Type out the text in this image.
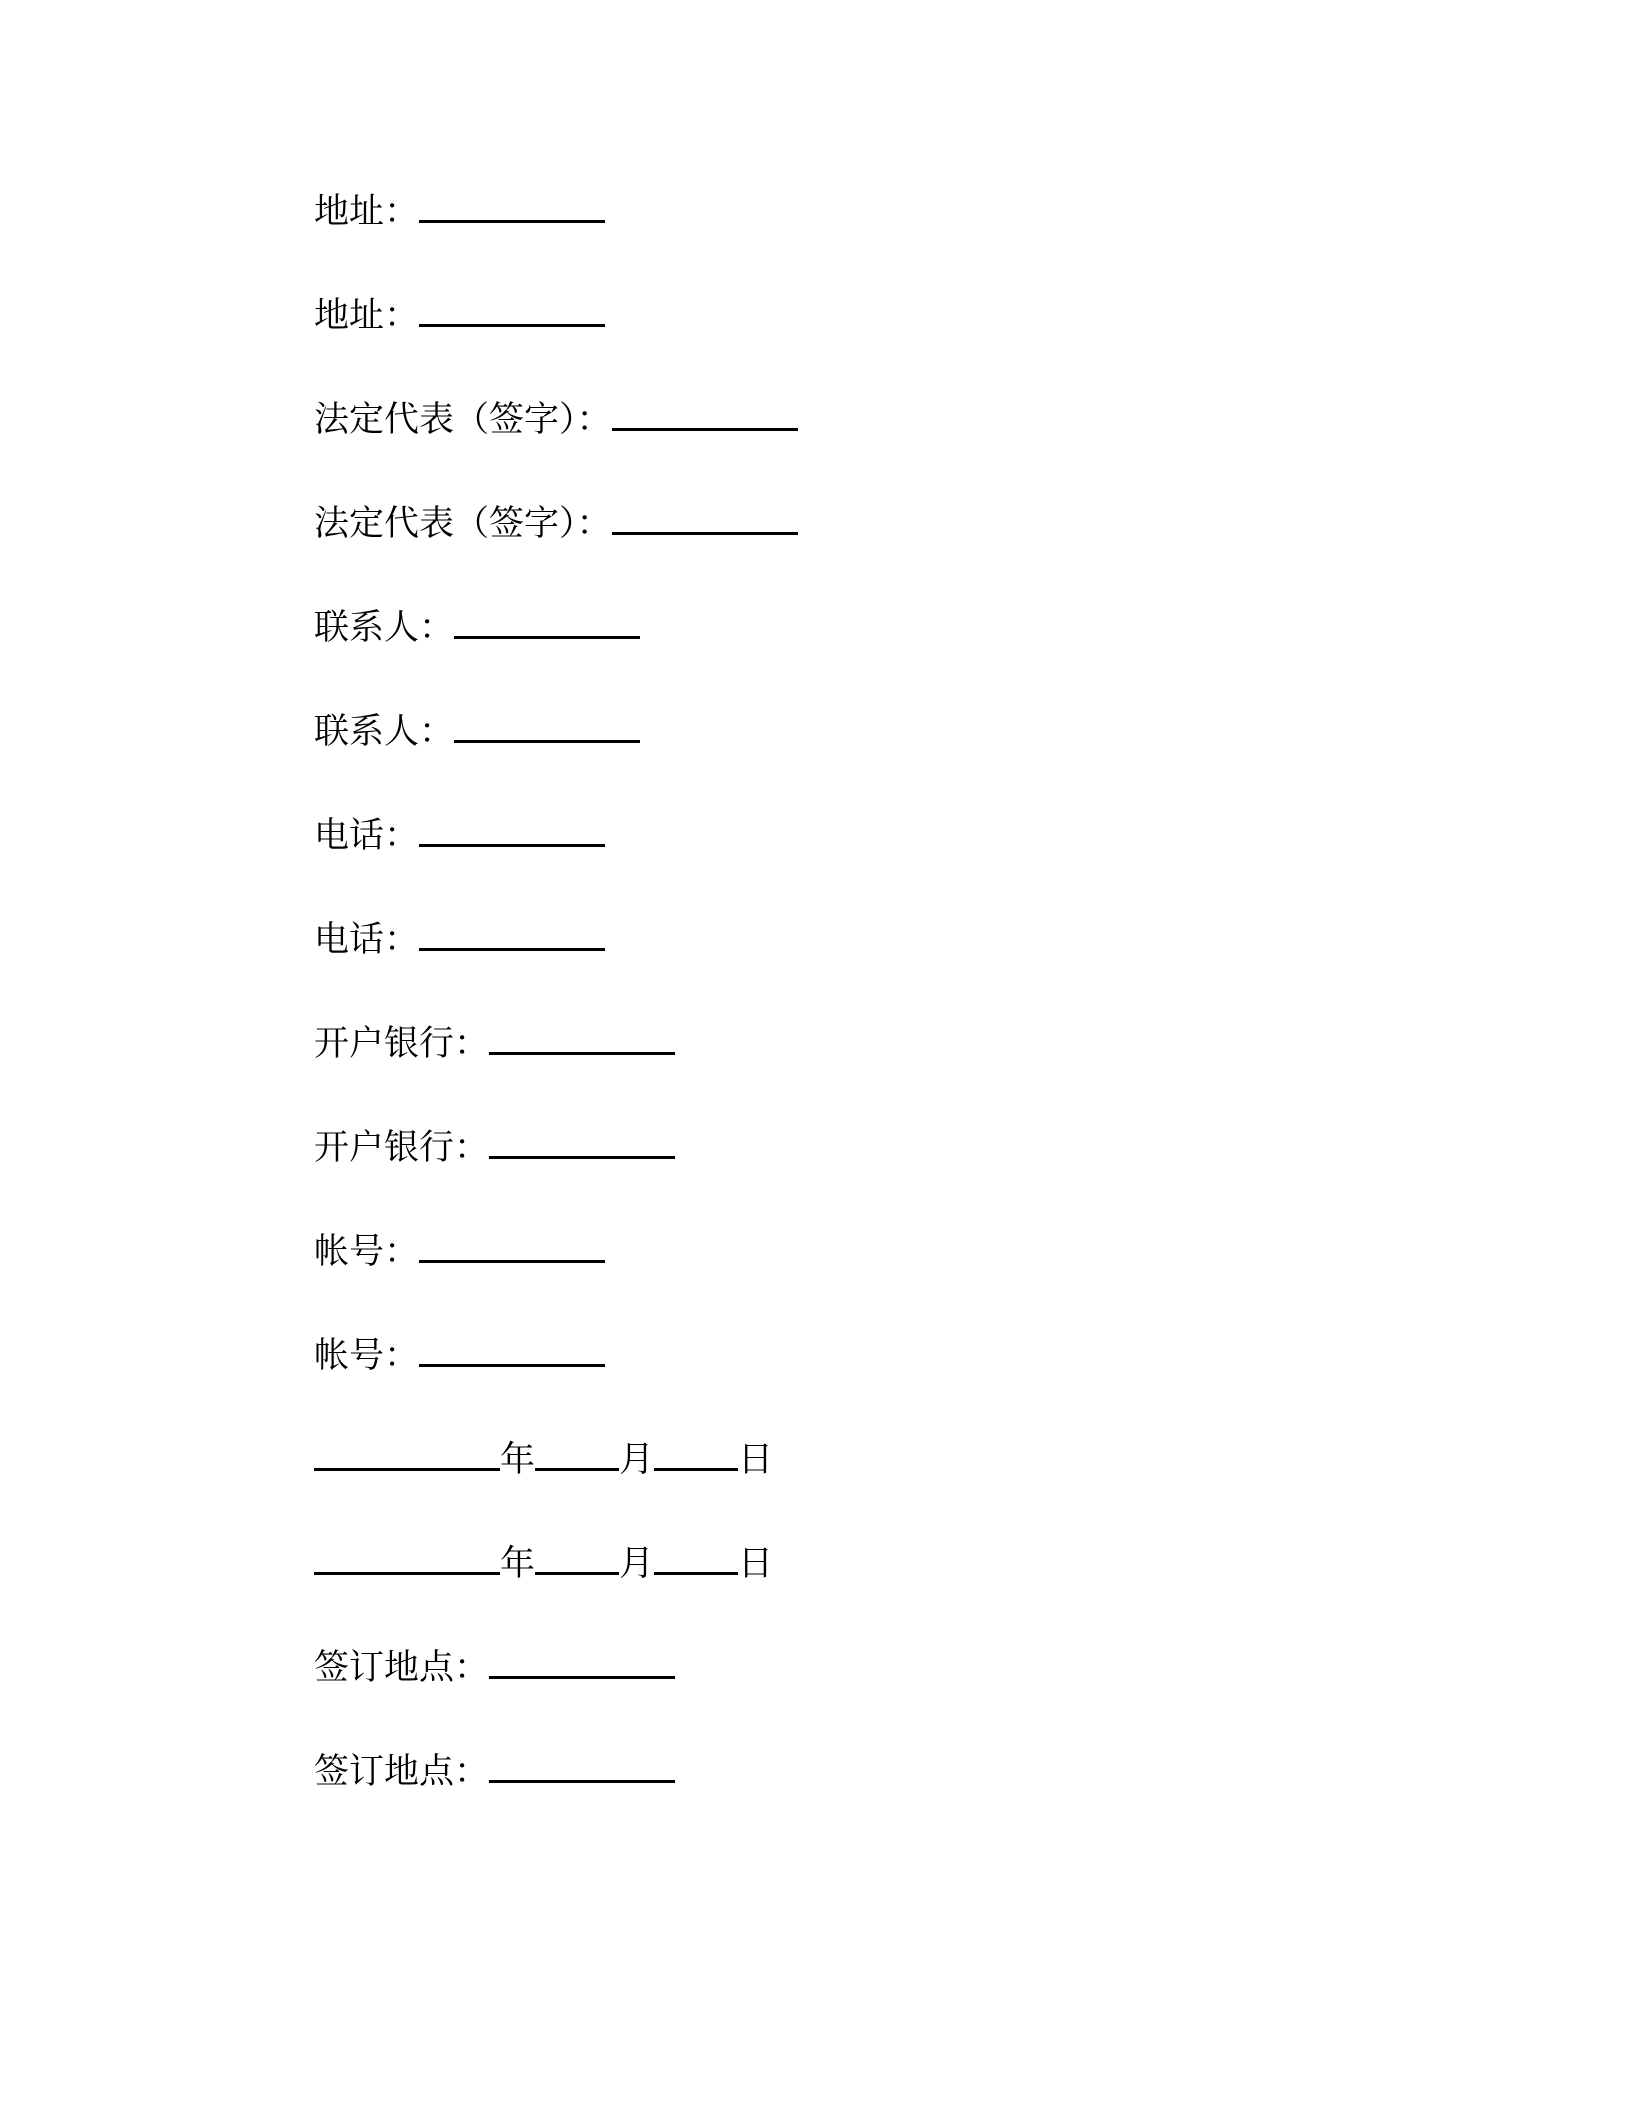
地址：
地址：
法定代表（签字）：
法定代表（签字）：
联系人：
联系人：
电话：
电话：
开户银行：
开户银行：
帐号：
帐号：
年 月 日
年 月 日
签订地点：
签订地点：
